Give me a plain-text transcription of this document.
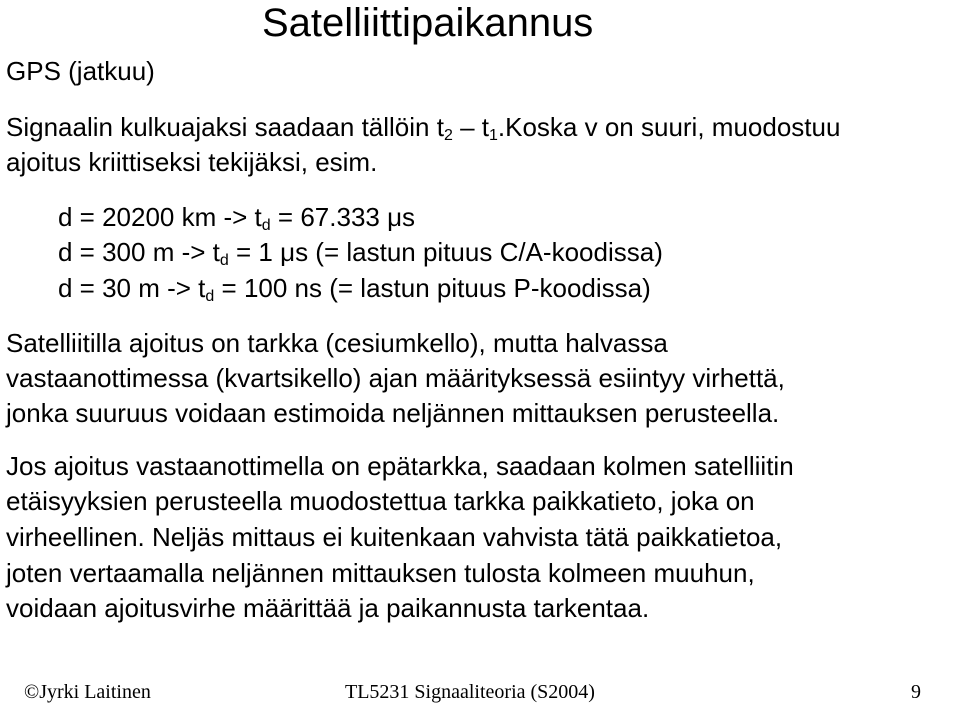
Satelliittipaikannus
GPS (jatkuu)
Signaalin kulkuajaksi saadaan tällöin $t_2$ – $t_1.Koska$ v on suuri, muodostuu
ajoitus kriittiseksi tekijäksi, esim.
d = 20200 km -> $t_d = 67.333$ μs
d = 300 $m -> t_d = 1$ μs (= lastun pituus C/A-koodissa)
d = 30 $m -> t_d = 100$ ns (= lastun pituus P-koodissa)
Satelliitilla ajoitus on tarkka (cesiumkello), mutta halvassa
vastaanottimessa (kvartsikello) ajan määrityksessä esiintyy virhettä,
jonka suuruus voidaan estimoida neljännen mittauksen perusteella.
Jos ajoitus vastaanottimella on epätarkka, saadaan kolmen satelliitin
etäisyyksien perusteella muodostettua tarkka paikkatieto, joka on
virheellinen. Neljäs mittaus ei kuitenkaan vahvista tätä paikkatietoa,
joten vertaamalla neljännen mittauksen tulosta kolmeen muuhun,
voidaan ajoitusvirhe määrittää ja paikannusta tarkentaa.
©Jyrki Laitinen	TL5231 Signaaliteoria (S2004)	9
